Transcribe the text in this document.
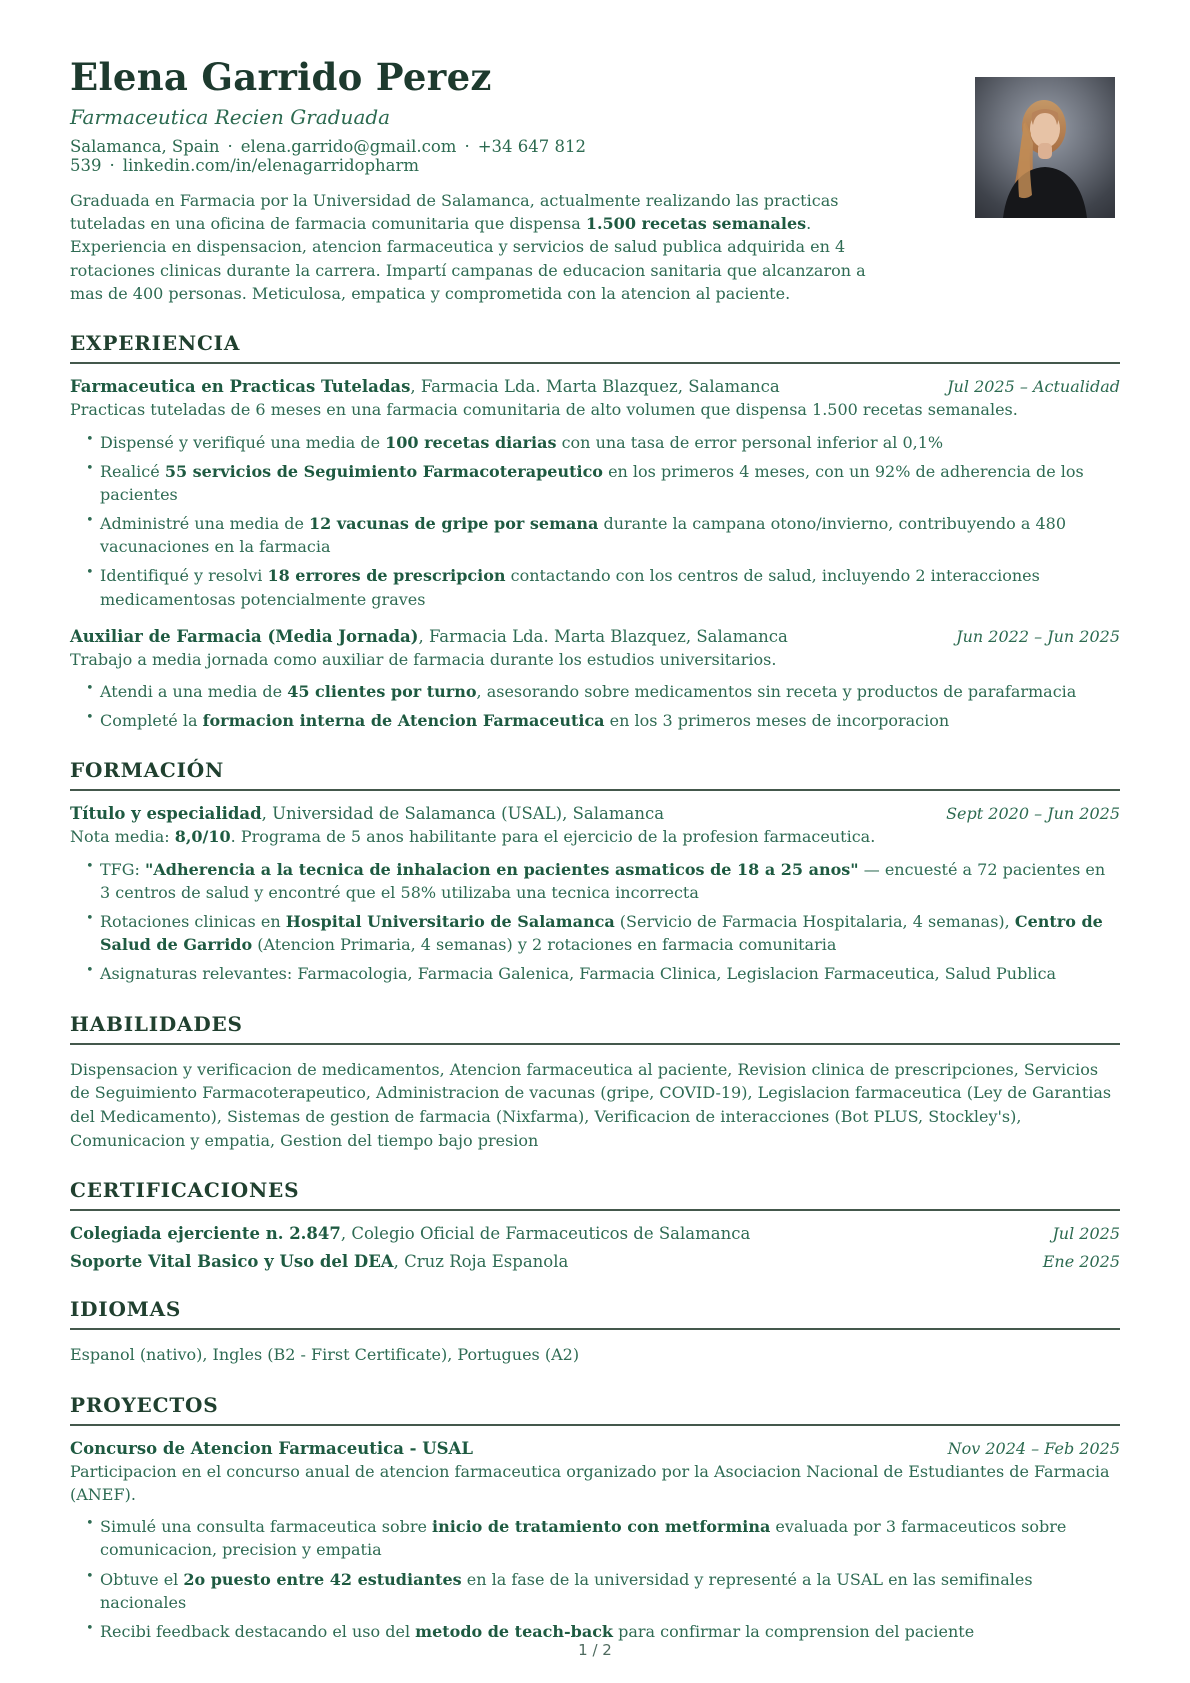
Elena Garrido Perez

Farmaceutica Recien Graduada

Salamanca, Spain · elena.garrido@gmail.com · +34 647 812 539 · linkedin.com/in/elenagarridopharm

Graduada en Farmacia por la Universidad de Salamanca, actualmente realizando las practicas tuteladas en una oficina de farmacia comunitaria que dispensa 1.500 recetas semanales. Experiencia en dispensacion, atencion farmaceutica y servicios de salud publica adquirida en 4 rotaciones clinicas durante la carrera. Impartí campanas de educacion sanitaria que alcanzaron a mas de 400 personas. Meticulosa, empatica y comprometida con la atencion al paciente.

EXPERIENCIA

Farmaceutica en Practicas Tuteladas, Farmacia Lda. Marta Blazquez, Salamanca	Jul 2025 – Actualidad

Practicas tuteladas de 6 meses en una farmacia comunitaria de alto volumen que dispensa 1.500 recetas semanales.

• Dispensé y verifiqué una media de 100 recetas diarias con una tasa de error personal inferior al 0,1%
• Realicé 55 servicios de Seguimiento Farmacoterapeutico en los primeros 4 meses, con un 92% de adherencia de los pacientes
• Administré una media de 12 vacunas de gripe por semana durante la campana otono/invierno, contribuyendo a 480 vacunaciones en la farmacia
• Identifiqué y resolvi 18 errores de prescripcion contactando con los centros de salud, incluyendo 2 interacciones medicamentosas potencialmente graves

Auxiliar de Farmacia (Media Jornada), Farmacia Lda. Marta Blazquez, Salamanca	Jun 2022 – Jun 2025

Trabajo a media jornada como auxiliar de farmacia durante los estudios universitarios.

• Atendi a una media de 45 clientes por turno, asesorando sobre medicamentos sin receta y productos de parafarmacia
• Completé la formacion interna de Atencion Farmaceutica en los 3 primeros meses de incorporacion
FORMACIÓN

Título y especialidad, Universidad de Salamanca (USAL), Salamanca	Sept 2020 – Jun 2025

Nota media: 8,0/10. Programa de 5 anos habilitante para el ejercicio de la profesion farmaceutica.

• TFG: "Adherencia a la tecnica de inhalacion en pacientes asmaticos de 18 a 25 anos" — encuesté a 72 pacientes en 3 centros de salud y encontré que el 58% utilizaba una tecnica incorrecta
• Rotaciones clinicas en Hospital Universitario de Salamanca (Servicio de Farmacia Hospitalaria, 4 semanas), Centro de Salud de Garrido (Atencion Primaria, 4 semanas) y 2 rotaciones en farmacia comunitaria
• Asignaturas relevantes: Farmacologia, Farmacia Galenica, Farmacia Clinica, Legislacion Farmaceutica, Salud Publica
HABILIDADES

Dispensacion y verificacion de medicamentos, Atencion farmaceutica al paciente, Revision clinica de prescripciones, Servicios de Seguimiento Farmacoterapeutico, Administracion de vacunas (gripe, COVID-19), Legislacion farmaceutica (Ley de Garantias del Medicamento), Sistemas de gestion de farmacia (Nixfarma), Verificacion de interacciones (Bot PLUS, Stockley's), Comunicacion y empatia, Gestion del tiempo bajo presion

CERTIFICACIONES

Colegiada ejerciente n. 2.847, Colegio Oficial de Farmaceuticos de Salamanca	Jul 2025

Soporte Vital Basico y Uso del DEA, Cruz Roja Espanola	Ene 2025

IDIOMAS

Espanol (nativo), Ingles (B2 - First Certificate), Portugues (A2)

PROYECTOS

Concurso de Atencion Farmaceutica - USAL	Nov 2024 – Feb 2025

Participacion en el concurso anual de atencion farmaceutica organizado por la Asociacion Nacional de Estudiantes de Farmacia (ANEF).

• Simulé una consulta farmaceutica sobre inicio de tratamiento con metformina evaluada por 3 farmaceuticos sobre comunicacion, precision y empatia
• Obtuve el 2o puesto entre 42 estudiantes en la fase de la universidad y representé a la USAL en las semifinales nacionales
• Recibi feedback destacando el uso del metodo de teach-back para confirmar la comprension del paciente
1 / 2
